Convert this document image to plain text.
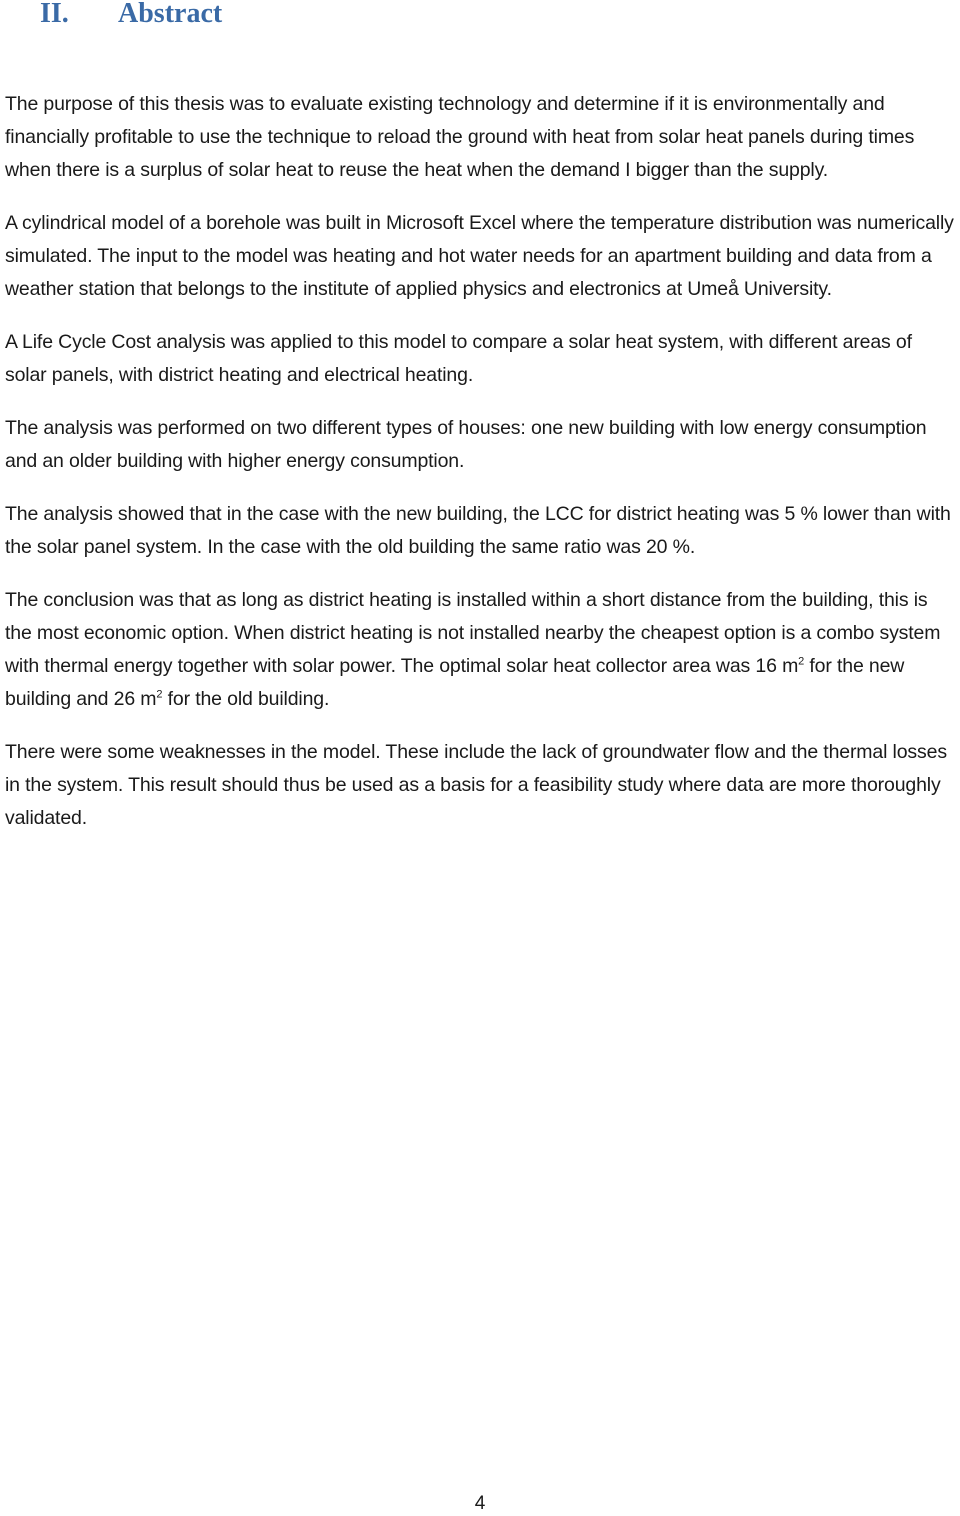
II. Abstract

The purpose of this thesis was to evaluate existing technology and determine if it is environmentally and financially profitable to use the technique to reload the ground with heat from solar heat panels during times when there is a surplus of solar heat to reuse the heat when the demand I bigger than the supply.

A cylindrical model of a borehole was built in Microsoft Excel where the temperature distribution was numerically simulated. The input to the model was heating and hot water needs for an apartment building and data from a weather station that belongs to the institute of applied physics and electronics at Umeå University.

A Life Cycle Cost analysis was applied to this model to compare a solar heat system, with different areas of solar panels, with district heating and electrical heating.

The analysis was performed on two different types of houses: one new building with low energy consumption and an older building with higher energy consumption.

The analysis showed that in the case with the new building, the LCC for district heating was 5 % lower than with the solar panel system. In the case with the old building the same ratio was 20 %.

The conclusion was that as long as district heating is installed within a short distance from the building, this is the most economic option. When district heating is not installed nearby the cheapest option is a combo system with thermal energy together with solar power. The optimal solar heat collector area was 16 $m^2$ for the new building and 26 $m^2$ for the old building.

There were some weaknesses in the model. These include the lack of groundwater flow and the thermal losses in the system. This result should thus be used as a basis for a feasibility study where data are more thoroughly validated.

4
